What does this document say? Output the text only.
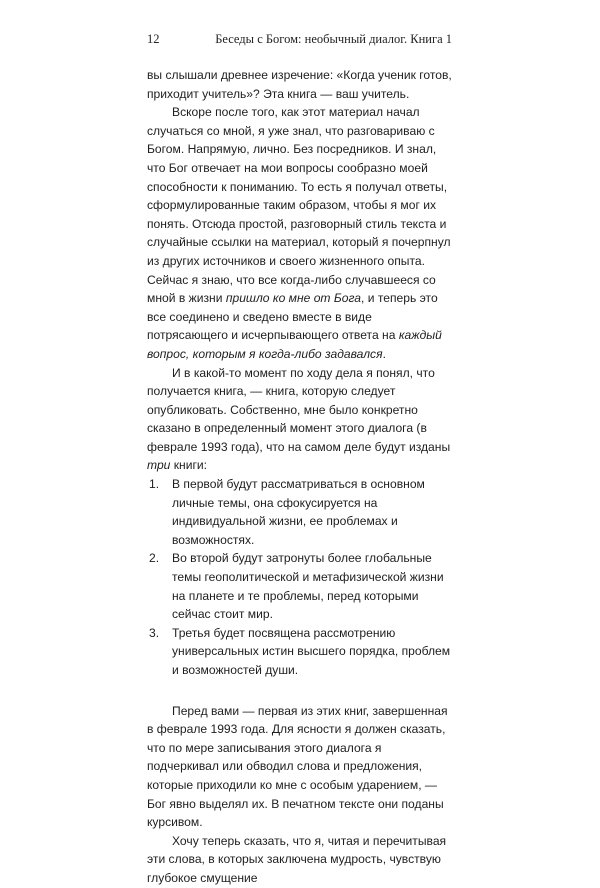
12	Беседы с Богом: необычный диалог. Книга 1

вы слышали древнее изречение: «Когда ученик готов, приходит учитель»? Эта книга — ваш учитель.

Вскоре после того, как этот материал начал случаться со мной, я уже знал, что разговариваю с Богом. Напрямую, лично. Без посредников. И знал, что Бог отвечает на мои вопросы сообразно моей способности к пониманию. То есть я получал ответы, сформулированные таким образом, чтобы я мог их понять. Отсюда простой, разговорный стиль текста и случайные ссылки на материал, который я почерпнул из других источников и своего жизненного опыта. Сейчас я знаю, что все когда-либо случавшееся со мной в жизни пришло ко мне от Бога, и теперь это все соединено и сведено вместе в виде потрясающего и исчерпывающего ответа на каждый вопрос, которым я когда-либо задавался.

И в какой-то момент по ходу дела я понял, что получается книга, — книга, которую следует опубликовать. Собственно, мне было конкретно сказано в определенный момент этого диалога (в феврале 1993 года), что на самом деле будут изданы три книги:

1. В первой будут рассматриваться в основном личные темы, она сфокусируется на индивидуальной жизни, ее проблемах и возможностях.
2. Во второй будут затронуты более глобальные темы геополитической и метафизической жизни на планете и те проблемы, перед которыми сейчас стоит мир.
3. Третья будет посвящена рассмотрению универсальных истин высшего порядка, проблем и возможностей души.

Перед вами — первая из этих книг, завершенная в феврале 1993 года. Для ясности я должен сказать, что по мере записывания этого диалога я подчеркивал или обводил слова и предложения, которые приходили ко мне с особым ударением, — Бог явно выделял их. В печатном тексте они поданы курсивом.

Хочу теперь сказать, что я, читая и перечитывая эти слова, в которых заключена мудрость, чувствую глубокое смущение
